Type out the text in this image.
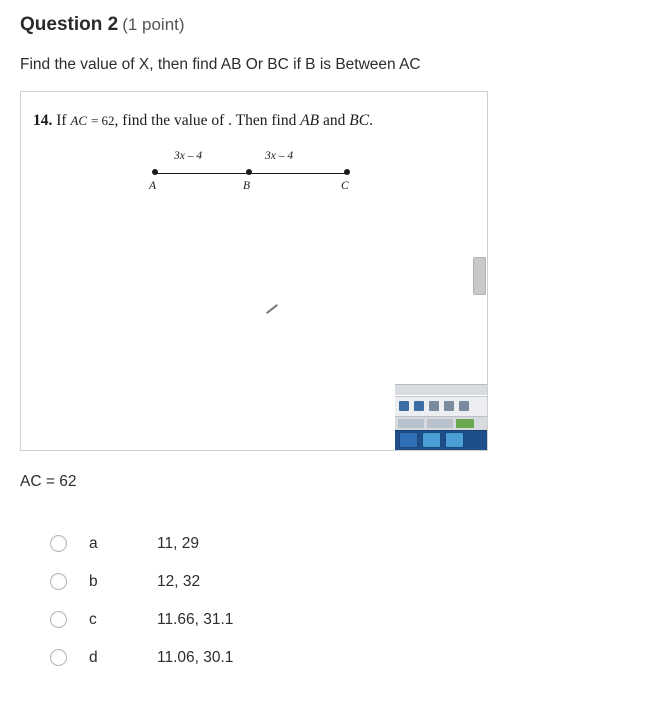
Question 2 (1 point)

Find the value of X, then find AB Or BC if B is Between AC

14. If AC = 62, find the value of . Then find AB and BC.
A	B	C
3x – 4	3x – 4

AC = 62

a	11, 29
b	12, 32
c	11.66, 31.1
d	11.06, 30.1
